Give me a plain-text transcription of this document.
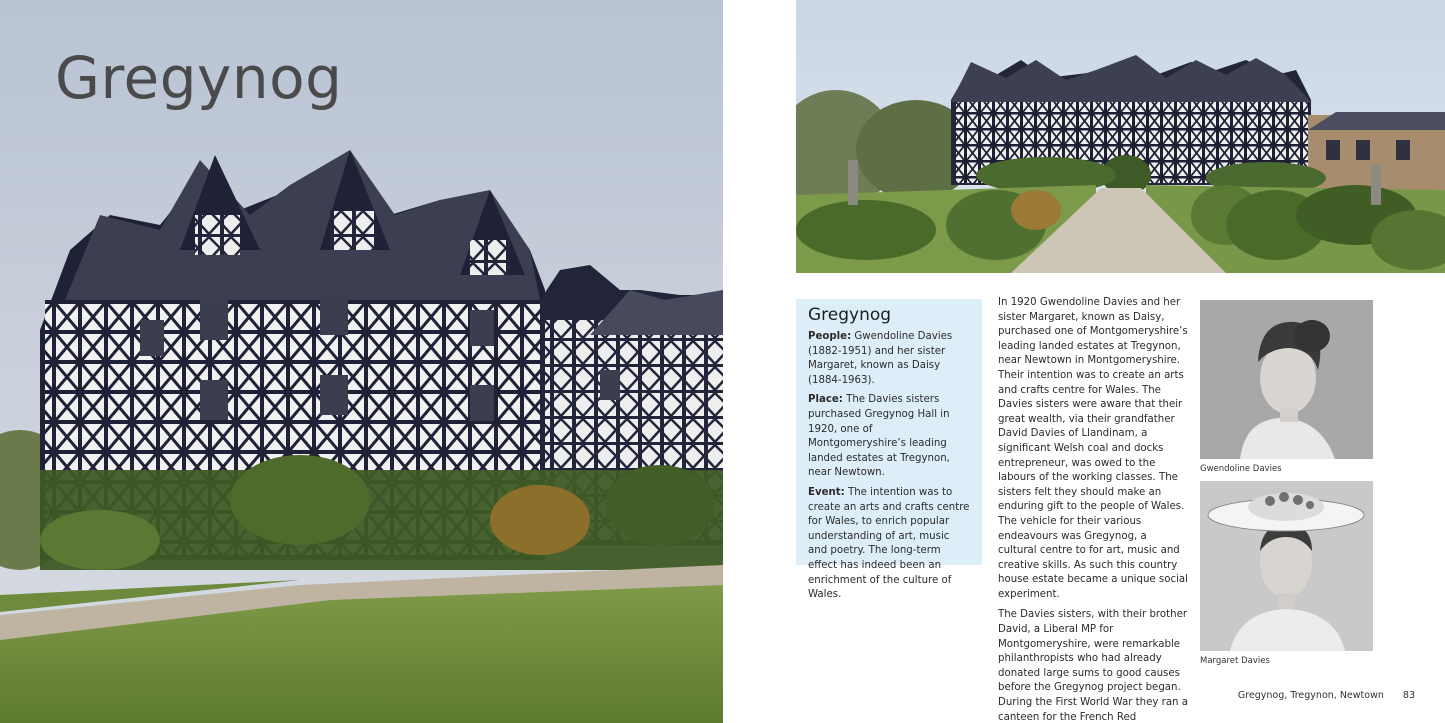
Gregynog
Gregynog

People: Gwendoline Davies (1882-1951) and her sister Margaret, known as Daisy (1884-1963).

Place: The Davies sisters purchased Gregynog Hall in 1920, one of Montgomeryshire’s leading landed estates at Tregynon, near Newtown.

Event: The intention was to create an arts and crafts centre for Wales, to enrich popular understanding of art, music and poetry. The long-term effect has indeed been an enrichment of the culture of Wales.

In 1920 Gwendoline Davies and her sister Margaret, known as Daisy, purchased one of Montgomeryshire’s leading landed estates at Tregynon, near Newtown in Montgomeryshire. Their intention was to create an arts and crafts centre for Wales. The Davies sisters were aware that their great wealth, via their grandfather David Davies of Llandinam, a significant Welsh coal and docks entrepreneur, was owed to the labours of the working classes. The sisters felt they should make an enduring gift to the people of Wales. The vehicle for their various endeavours was Gregynog, a cultural centre to for art, music and creative skills. As such this country house estate became a unique social experiment.

The Davies sisters, with their brother David, a Liberal MP for Montgomeryshire, were remarkable philanthropists who had already donated large sums to good causes before the Gregynog project began. During the First World War they ran a canteen for the French Red

Gwendoline Davies
Margaret Davies
Gregynog, Tregynon, Newtown 83
